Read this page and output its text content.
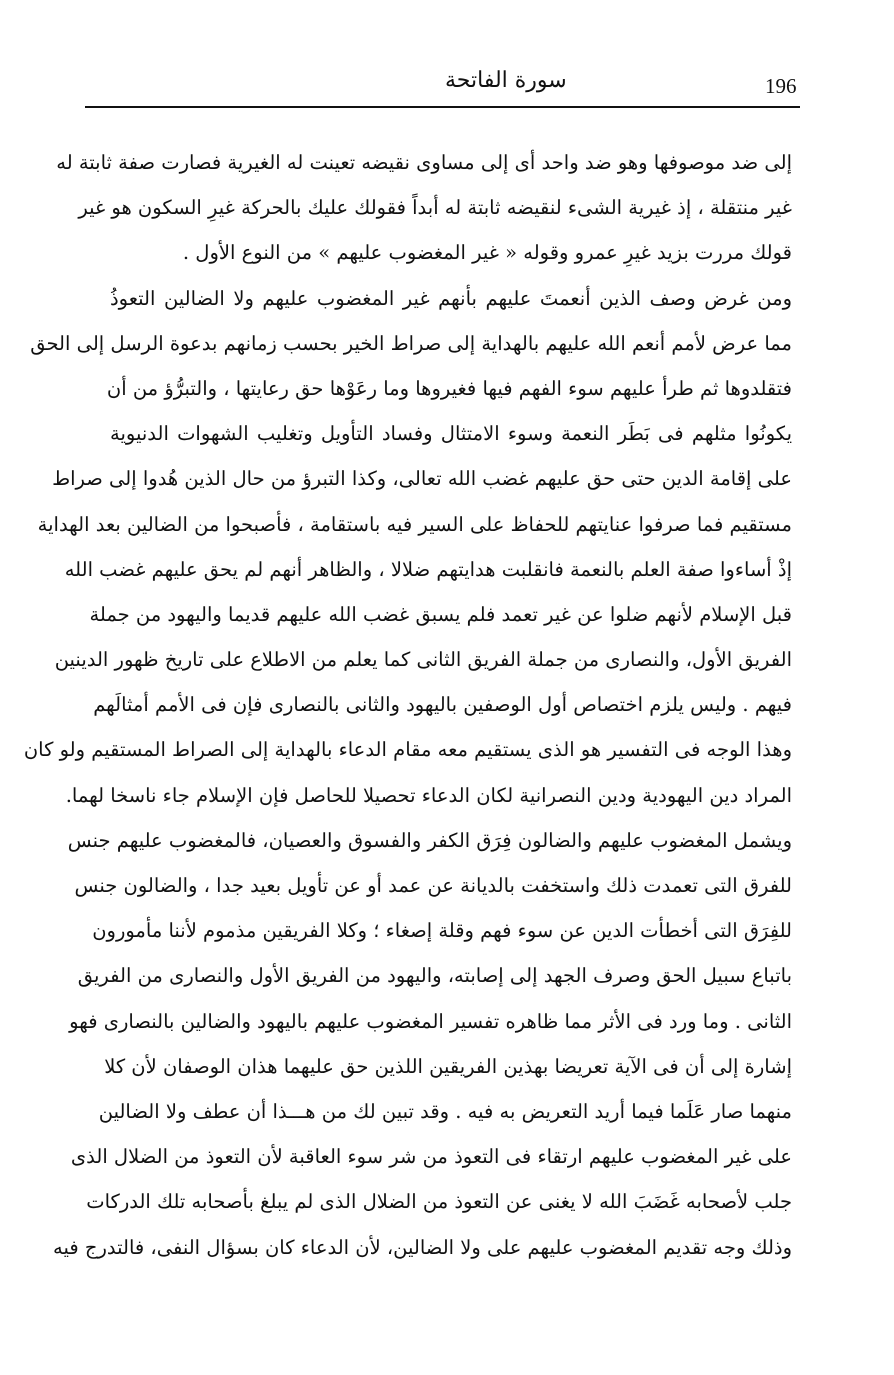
196
سورة الفاتحة
إلى ضد موصوفها وهو ضد واحد أى إلى مساوى نقيضه تعينت له الغيرية فصارت صفة ثابتة له
غير منتقلة ، إذ غيرية الشىء لنقيضه ثابتة له أبداً فقولك عليك بالحركة غيرِ السكون هو غير
قولك مررت بزيد غيرِ عمرو وقوله « غير المغضوب عليهم » من النوع الأول .
ومن غرض وصف الذين أنعمتَ عليهم بأنهم غير المغضوب عليهم ولا الضالين التعوذُ
مما عرض لأمم أنعم الله عليهم بالهداية إلى صراط الخير بحسب زمانهم بدعوة الرسل إلى الحق
فتقلدوها ثم طرأ عليهم سوء الفهم فيها فغيروها وما رعَوْها حق رعايتها ، والتبرُّؤ من أن
يكونُوا مثلهم فى بَطَر النعمة وسوء الامتثال وفساد التأويل وتغليب الشهوات الدنيوية
على إقامة الدين حتى حق عليهم غضب الله تعالى، وكذا التبرؤ من حال الذين هُدوا إلى صراط
مستقيم فما صرفوا عنايتهم للحفاظ على السير فيه باستقامة ، فأصبحوا من الضالين بعد الهداية
إذْ أساءوا صفة العلم بالنعمة فانقلبت هدايتهم ضلالا ، والظاهر أنهم لم يحق عليهم غضب الله
قبل الإسلام لأنهم ضلوا عن غير تعمد فلم يسبق غضب الله عليهم قديما واليهود من جملة
الفريق الأول، والنصارى من جملة الفريق الثانى كما يعلم من الاطلاع على تاريخ ظهور الدينين
فيهم . وليس يلزم اختصاص أول الوصفين باليهود والثانى بالنصارى فإن فى الأمم أمثالَهم
وهذا الوجه فى التفسير هو الذى يستقيم معه مقام الدعاء بالهداية إلى الصراط المستقيم ولو كان
المراد دين اليهودية ودين النصرانية لكان الدعاء تحصيلا للحاصل فإن الإسلام جاء ناسخا لهما.
ويشمل المغضوب عليهم والضالون فِرَق الكفر والفسوق والعصيان، فالمغضوب عليهم جنس
للفرق التى تعمدت ذلك واستخفت بالديانة عن عمد أو عن تأويل بعيد جدا ، والضالون جنس
للفِرَق التى أخطأت الدين عن سوء فهم وقلة إصغاء ؛ وكلا الفريقين مذموم لأننا مأمورون
باتباع سبيل الحق وصرف الجهد إلى إصابته، واليهود من الفريق الأول والنصارى من الفريق
الثانى . وما ورد فى الأثر مما ظاهره تفسير المغضوب عليهم باليهود والضالين بالنصارى فهو
إشارة إلى أن فى الآية تعريضا بهذين الفريقين اللذين حق عليهما هذان الوصفان لأن كلا
منهما صار عَلَما فيما أريد التعريض به فيه . وقد تبين لك من هـــذا أن عطف ولا الضالين
على غير المغضوب عليهم ارتقاء فى التعوذ من شر سوء العاقبة لأن التعوذ من الضلال الذى
جلب لأصحابه غَضَبَ الله لا يغنى عن التعوذ من الضلال الذى لم يبلغ بأصحابه تلك الدركات
وذلك وجه تقديم المغضوب عليهم على ولا الضالين، لأن الدعاء كان بسؤال النفى، فالتدرج فيه
